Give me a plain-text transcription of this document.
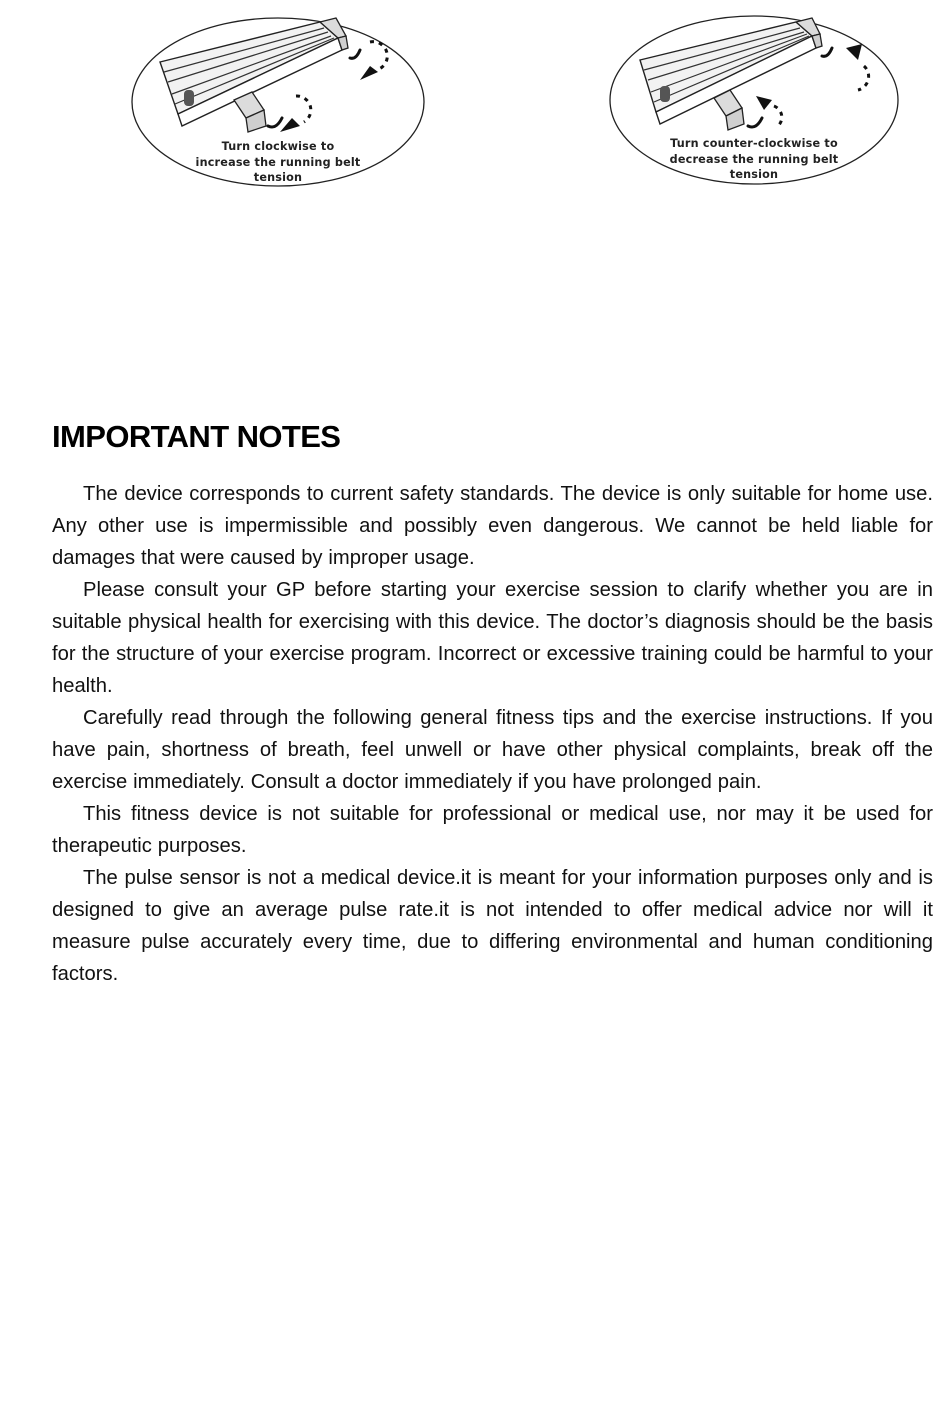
Turn clockwise to
increase the running belt
tension
Turn counter-clockwise to
decrease the running belt
tension
IMPORTANT NOTES

The device corresponds to current safety standards. The device is only suitable for home use. Any other use is impermissible and possibly even dangerous. We cannot be held liable for damages that were caused by improper usage.

Please consult your GP before starting your exercise session to clarify whether you are in suitable physical health for exercising with this device. The doctor’s diagnosis should be the basis for the structure of your exercise program. Incorrect or excessive training could be harmful to your health.

Carefully read through the following general fitness tips and the exercise instructions. If you have pain, shortness of breath, feel unwell or have other physical complaints, break off the exercise immediately. Consult a doctor immediately if you have prolonged pain.

This fitness device is not suitable for professional or medical use, nor may it be used for therapeutic purposes.

The pulse sensor is not a medical device.it is meant for your information purposes only and is designed to give an average pulse rate.it is not intended to offer medical advice nor will it measure pulse accurately every time, due to differing environmental and human conditioning factors.
